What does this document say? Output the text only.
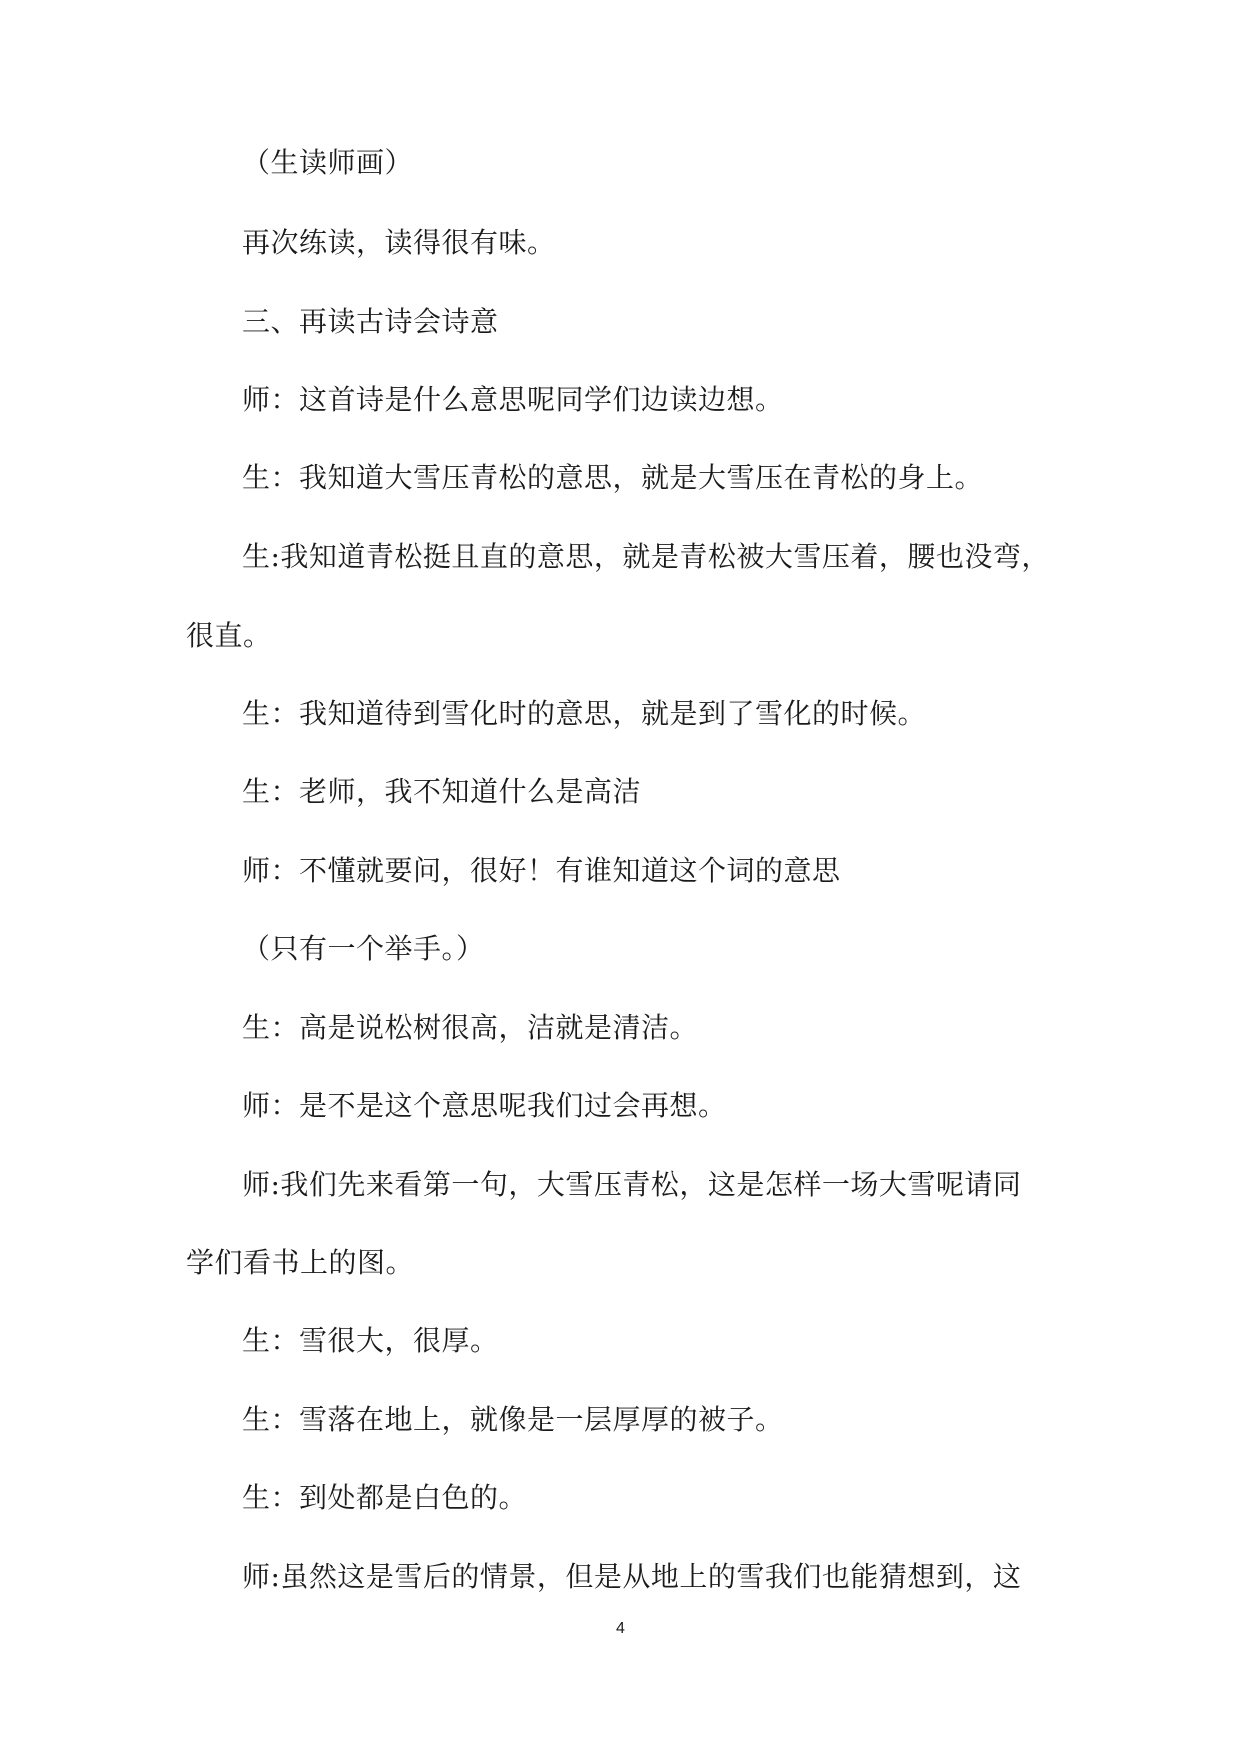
（生读师画）
再次练读，读得很有味。
三、再读古诗会诗意
师：这首诗是什么意思呢同学们边读边想。
生：我知道大雪压青松的意思，就是大雪压在青松的身上。
生:我知道青松挺且直的意思，就是青松被大雪压着，腰也没弯，
很直。
生：我知道待到雪化时的意思，就是到了雪化的时候。
生：老师，我不知道什么是高洁
师：不懂就要问，很好！有谁知道这个词的意思
（只有一个举手。）
生：高是说松树很高，洁就是清洁。
师：是不是这个意思呢我们过会再想。
师:我们先来看第一句，大雪压青松，这是怎样一场大雪呢请同
学们看书上的图。
生：雪很大，很厚。
生：雪落在地上，就像是一层厚厚的被子。
生：到处都是白色的。
师:虽然这是雪后的情景，但是从地上的雪我们也能猜想到，这
4
